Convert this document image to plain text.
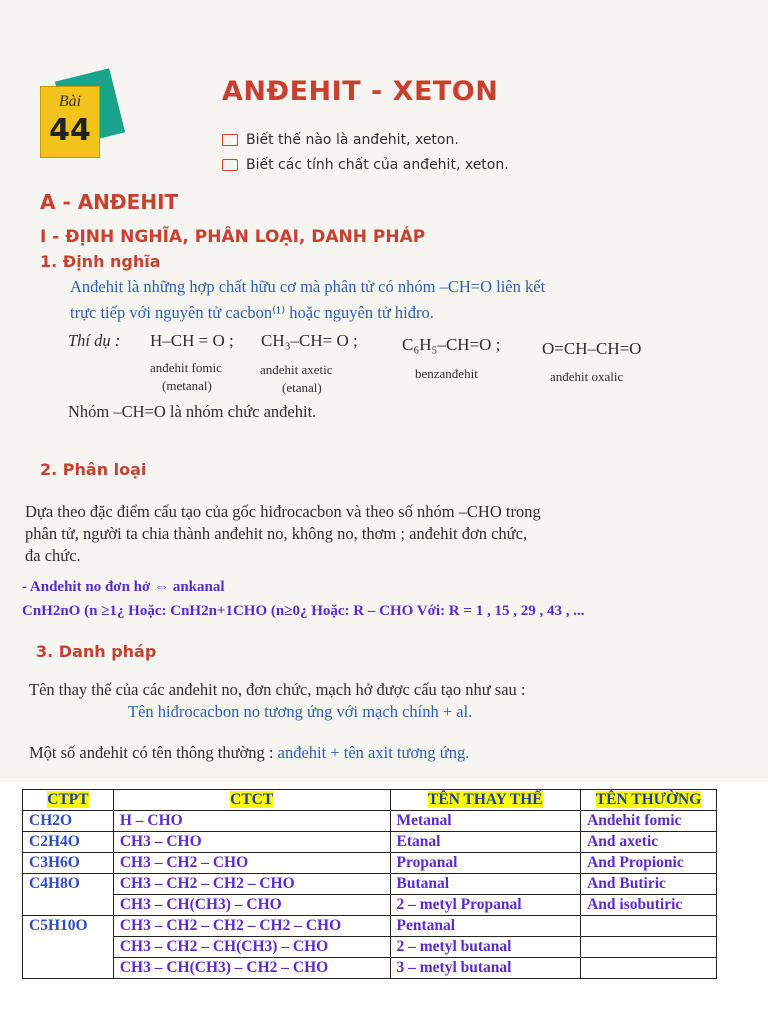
Bài
44
ANĐEHIT - XETON
Biết thế nào là anđehit, xeton.
Biết các tính chất của anđehit, xeton.
A - ANĐEHIT
I - ĐỊNH NGHĨA, PHÂN LOẠI, DANH PHÁP
1. Định nghĩa
Anđehit là những hợp chất hữu cơ mà phân tử có nhóm –CH=O liên kết
trực tiếp với nguyên tử cacbon⁽¹⁾ hoặc nguyên tử hiđro.
Thí dụ : H–CH = O ; CH₃–CH= O ;	C₆H₅–CH=O ; O=CH–CH=O
anđehit fomic
(metanal)
anđehit axetic
(etanal)
benzanđehit	anđehit oxalic
Nhóm –CH=O là nhóm chức anđehit.
2. Phân loại
Dựa theo đặc điểm cấu tạo của gốc hiđrocacbon và theo số nhóm –CHO trong
phân tử, người ta chia thành anđehit no, không no, thơm ; anđehit đơn chức,
đa chức.
- Andehit no đơn hở ⇔ ankanal
CnH2nO (n ≥1¿ Hoặc: CnH2n+1CHO (n≥0¿ Hoặc: R – CHO Với: R = 1 , 15 , 29 , 43 , ...
3. Danh pháp
Tên thay thế của các anđehit no, đơn chức, mạch hở được cấu tạo như sau :
Tên hiđrocacbon no tương ứng với mạch chính + al.
Một số anđehit có tên thông thường : anđehit + tên axit tương ứng.
CTPT	CTCT	TÊN THAY THẾ	TÊN THƯỜNG
CH2O	H – CHO	Metanal	Andehit fomic
C2H4O	CH3 – CHO	Etanal	And axetic
C3H6O	CH3 – CH2 – CHO	Propanal	And Propionic
C4H8O	CH3 – CH2 – CH2 – CHO	Butanal	And Butiric
	CH3 – CH(CH3) – CHO	2 – metyl Propanal	And isobutiric
C5H10O	CH3 – CH2 – CH2 – CH2 – CHO	Pentanal	
	CH3 – CH2 – CH(CH3) – CHO	2 – metyl butanal	
	CH3 – CH(CH3) – CH2 – CHO	3 – metyl butanal	
